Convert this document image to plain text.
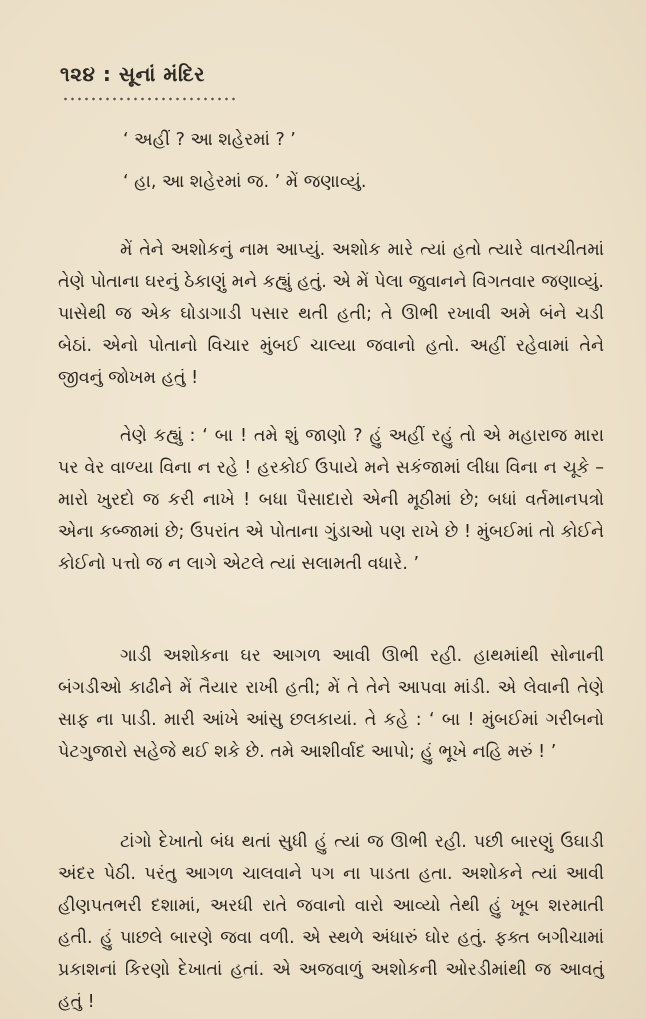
૧૨૪ : સૂનાં મંદિર
‘ અહીં ? આ શહેરમાં ? ’
‘ હા, આ શહેરમાં જ. ’ મેં જણાવ્યું.

મેં તેને અશોકનું નામ આપ્યું. અશોક મારે ત્યાં હતો ત્યારે વાતચીતમાં તેણે પોતાના ઘરનું ઠેકાણું મને કહ્યું હતું. એ મેં પેલા જુવાનને વિગતવાર જણાવ્યું. પાસેથી જ એક ઘોડાગાડી પસાર થતી હતી; તે ઊભી રખાવી અમે બંને ચડી બેઠાં. એનો પોતાનો વિચાર મુંબઈ ચાલ્યા જવાનો હતો. અહીં રહેવામાં તેને જીવનું જોખમ હતું !

તેણે કહ્યું : ‘ બા ! તમે શું જાણો ? હું અહીં રહું તો એ મહારાજ મારા પર વેર વાળ્યા વિના ન રહે ! હરકોઈ ઉપાયે મને સકંજામાં લીધા વિના ન ચૂકે – મારો ખુરદો જ કરી નાખે ! બધા પૈસાદારો એની મૂઠીમાં છે; બધાં વર્તમાનપત્રો એના કબ્જામાં છે; ઉપરાંત એ પોતાના ગુંડાઓ પણ રાખે છે ! મુંબઈમાં તો કોઈને કોઈનો પત્તો જ ન લાગે એટલે ત્યાં સલામતી વધારે. ’

ગાડી અશોકના ઘર આગળ આવી ઊભી રહી. હાથમાંથી સોનાની બંગડીઓ કાઢીને મેં તૈયાર રાખી હતી; મેં તે તેને આપવા માંડી. એ લેવાની તેણે સાફ ના પાડી. મારી આંખે આંસુ છલકાયાં. તે કહે : ‘ બા ! મુંબઈમાં ગરીબનો પેટગુજારો સહેજે થઈ શકે છે. તમે આશીર્વાદ આપો; હું ભૂખે નહિ મરું ! ’

ટાંગો દેખાતો બંધ થતાં સુધી હું ત્યાં જ ઊભી રહી. પછી બારણું ઉઘાડી અંદર પેઠી. પરંતુ આગળ ચાલવાને પગ ના પાડતા હતા. અશોકને ત્યાં આવી હીણપતભરી દશામાં, અરધી રાતે જવાનો વારો આવ્યો તેથી હું ખૂબ શરમાતી હતી. હું પાછલે બારણે જવા વળી. એ સ્થળે અંધારું ઘોર હતું. ફક્ત બગીચામાં પ્રકાશનાં કિરણો દેખાતાં હતાં. એ અજવાળું અશોકની ઓરડીમાંથી જ આવતું હતું !
